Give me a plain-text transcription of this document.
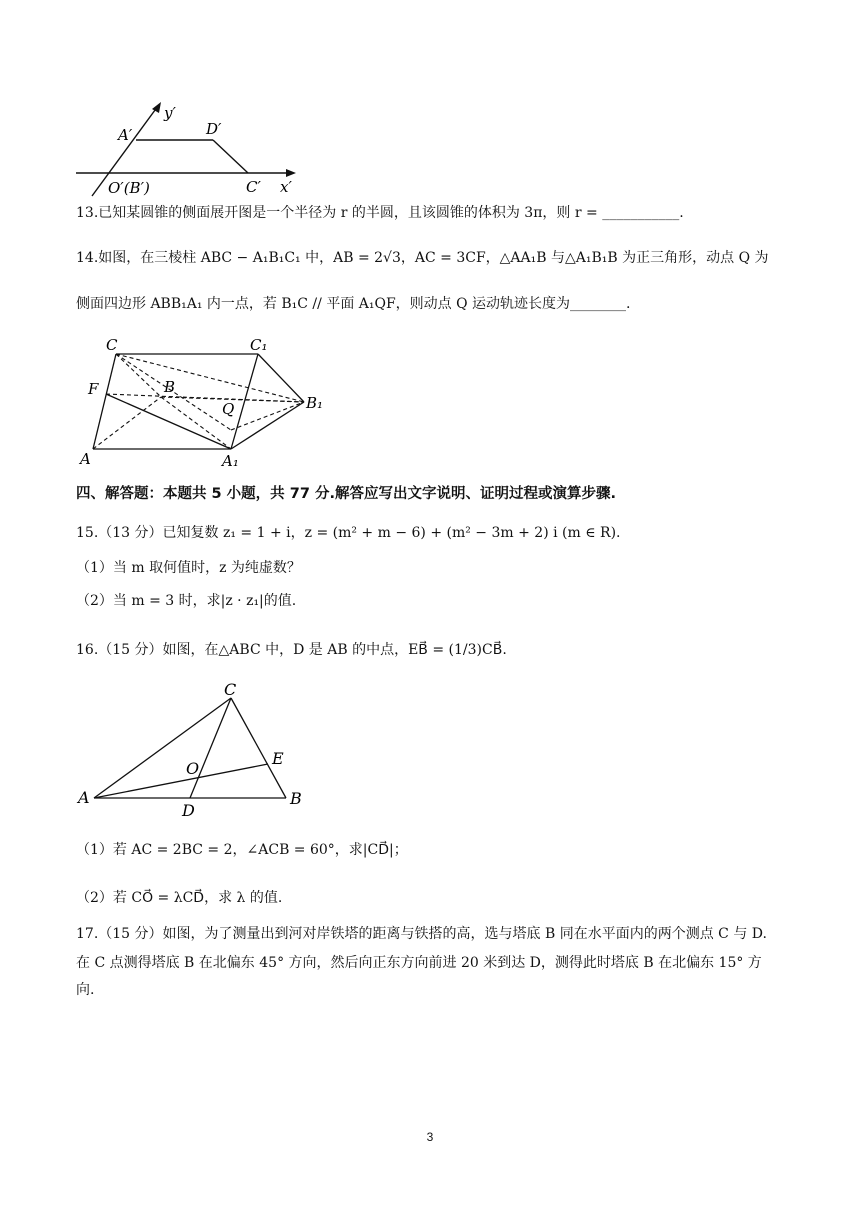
y′
x′
A′	D′
O′(B′)	C′
13.已知某圆锥的侧面展开图是一个半径为 r 的半圆，且该圆锥的体积为 3π，则 r = ___________.
14.如图，在三棱柱 ABC − A₁B₁C₁ 中，AB = 2√3，AC = 3CF，△AA₁B 与△A₁B₁B 为正三角形，动点 Q 为
侧面四边形 ABB₁A₁ 内一点，若 B₁C // 平面 A₁QF，则动点 Q 运动轨迹长度为________.
C	C₁
F	B
Q	B₁
A	A₁
四、解答题：本题共 5 小题，共 77 分.解答应写出文字说明、证明过程或演算步骤.
15.（13 分）已知复数 z₁ = 1 + i，z = (m² + m − 6) + (m² − 3m + 2) i (m ∈ R).
（1）当 m 取何值时，z 为纯虚数？
（2）当 m = 3 时，求|z · z₁|的值.
16.（15 分）如图，在△ABC 中，D 是 AB 的中点，EB⃗ = (1/3)CB⃗.
C
E
O
A
D
B
（1）若 AC = 2BC = 2，∠ACB = 60°，求|CD⃗|；
（2）若 CO⃗ = λCD⃗，求 λ 的值.
17.（15 分）如图，为了测量出到河对岸铁塔的距离与铁搭的高，选与塔底 B 同在水平面内的两个测点 C 与 D.
在 C 点测得塔底 B 在北偏东 45° 方向，然后向正东方向前进 20 米到达 D，测得此时塔底 B 在北偏东 15° 方
向.
3
